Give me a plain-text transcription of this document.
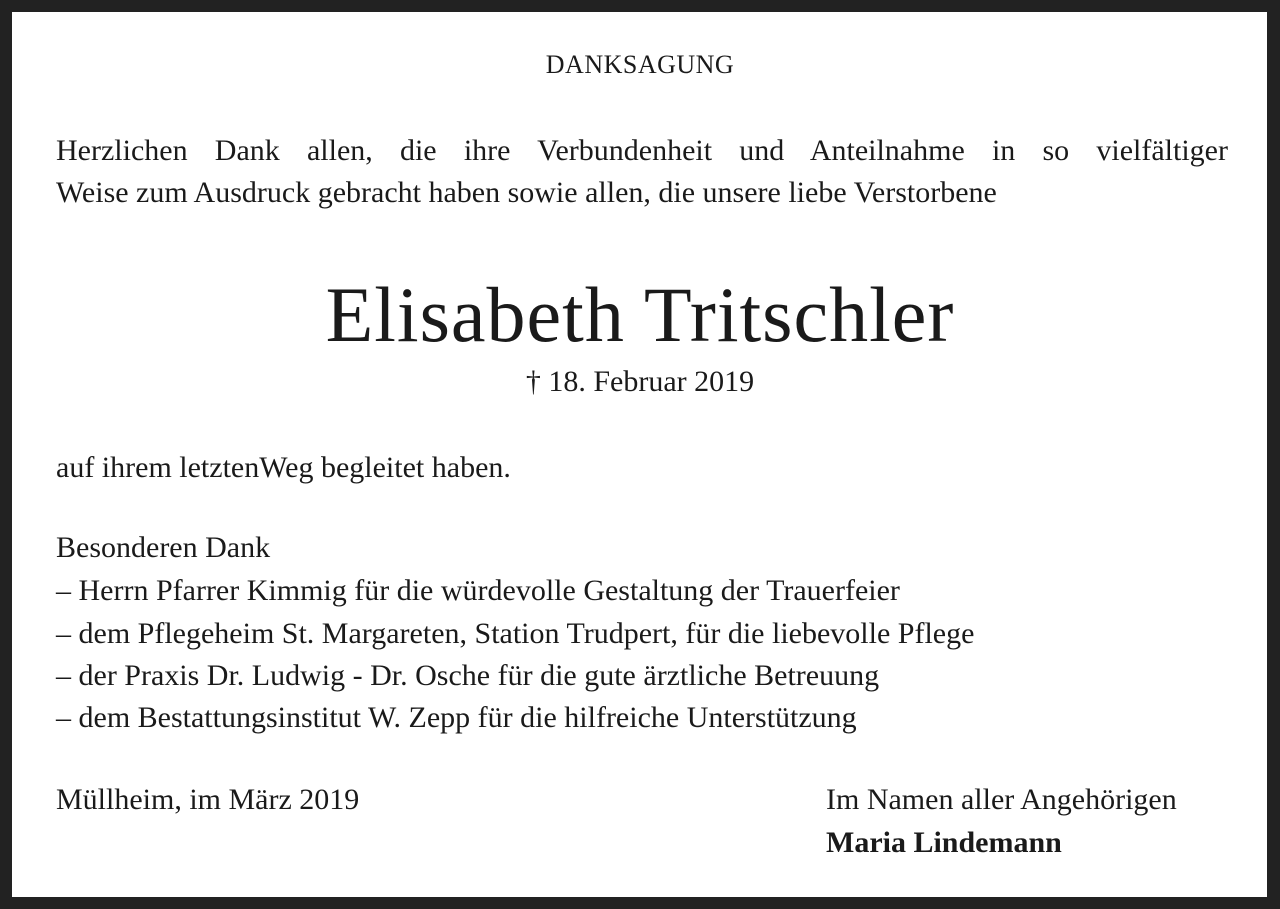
DANKSAGUNG
Herzlichen Dank allen, die ihre Verbundenheit und Anteilnahme in so vielfältiger
Weise zum Ausdruck gebracht haben sowie allen, die unsere liebe Verstorbene
Elisabeth Tritschler
† 18. Februar 2019
auf ihrem letztenWeg begleitet haben.
Besonderen Dank
– Herrn Pfarrer Kimmig für die würdevolle Gestaltung der Trauerfeier
– dem Pflegeheim St. Margareten, Station Trudpert, für die liebevolle Pflege
– der Praxis Dr. Ludwig - Dr. Osche für die gute ärztliche Betreuung
– dem Bestattungsinstitut W. Zepp für die hilfreiche Unterstützung
Müllheim, im März 2019	Im Namen aller Angehörigen
Maria Lindemann
